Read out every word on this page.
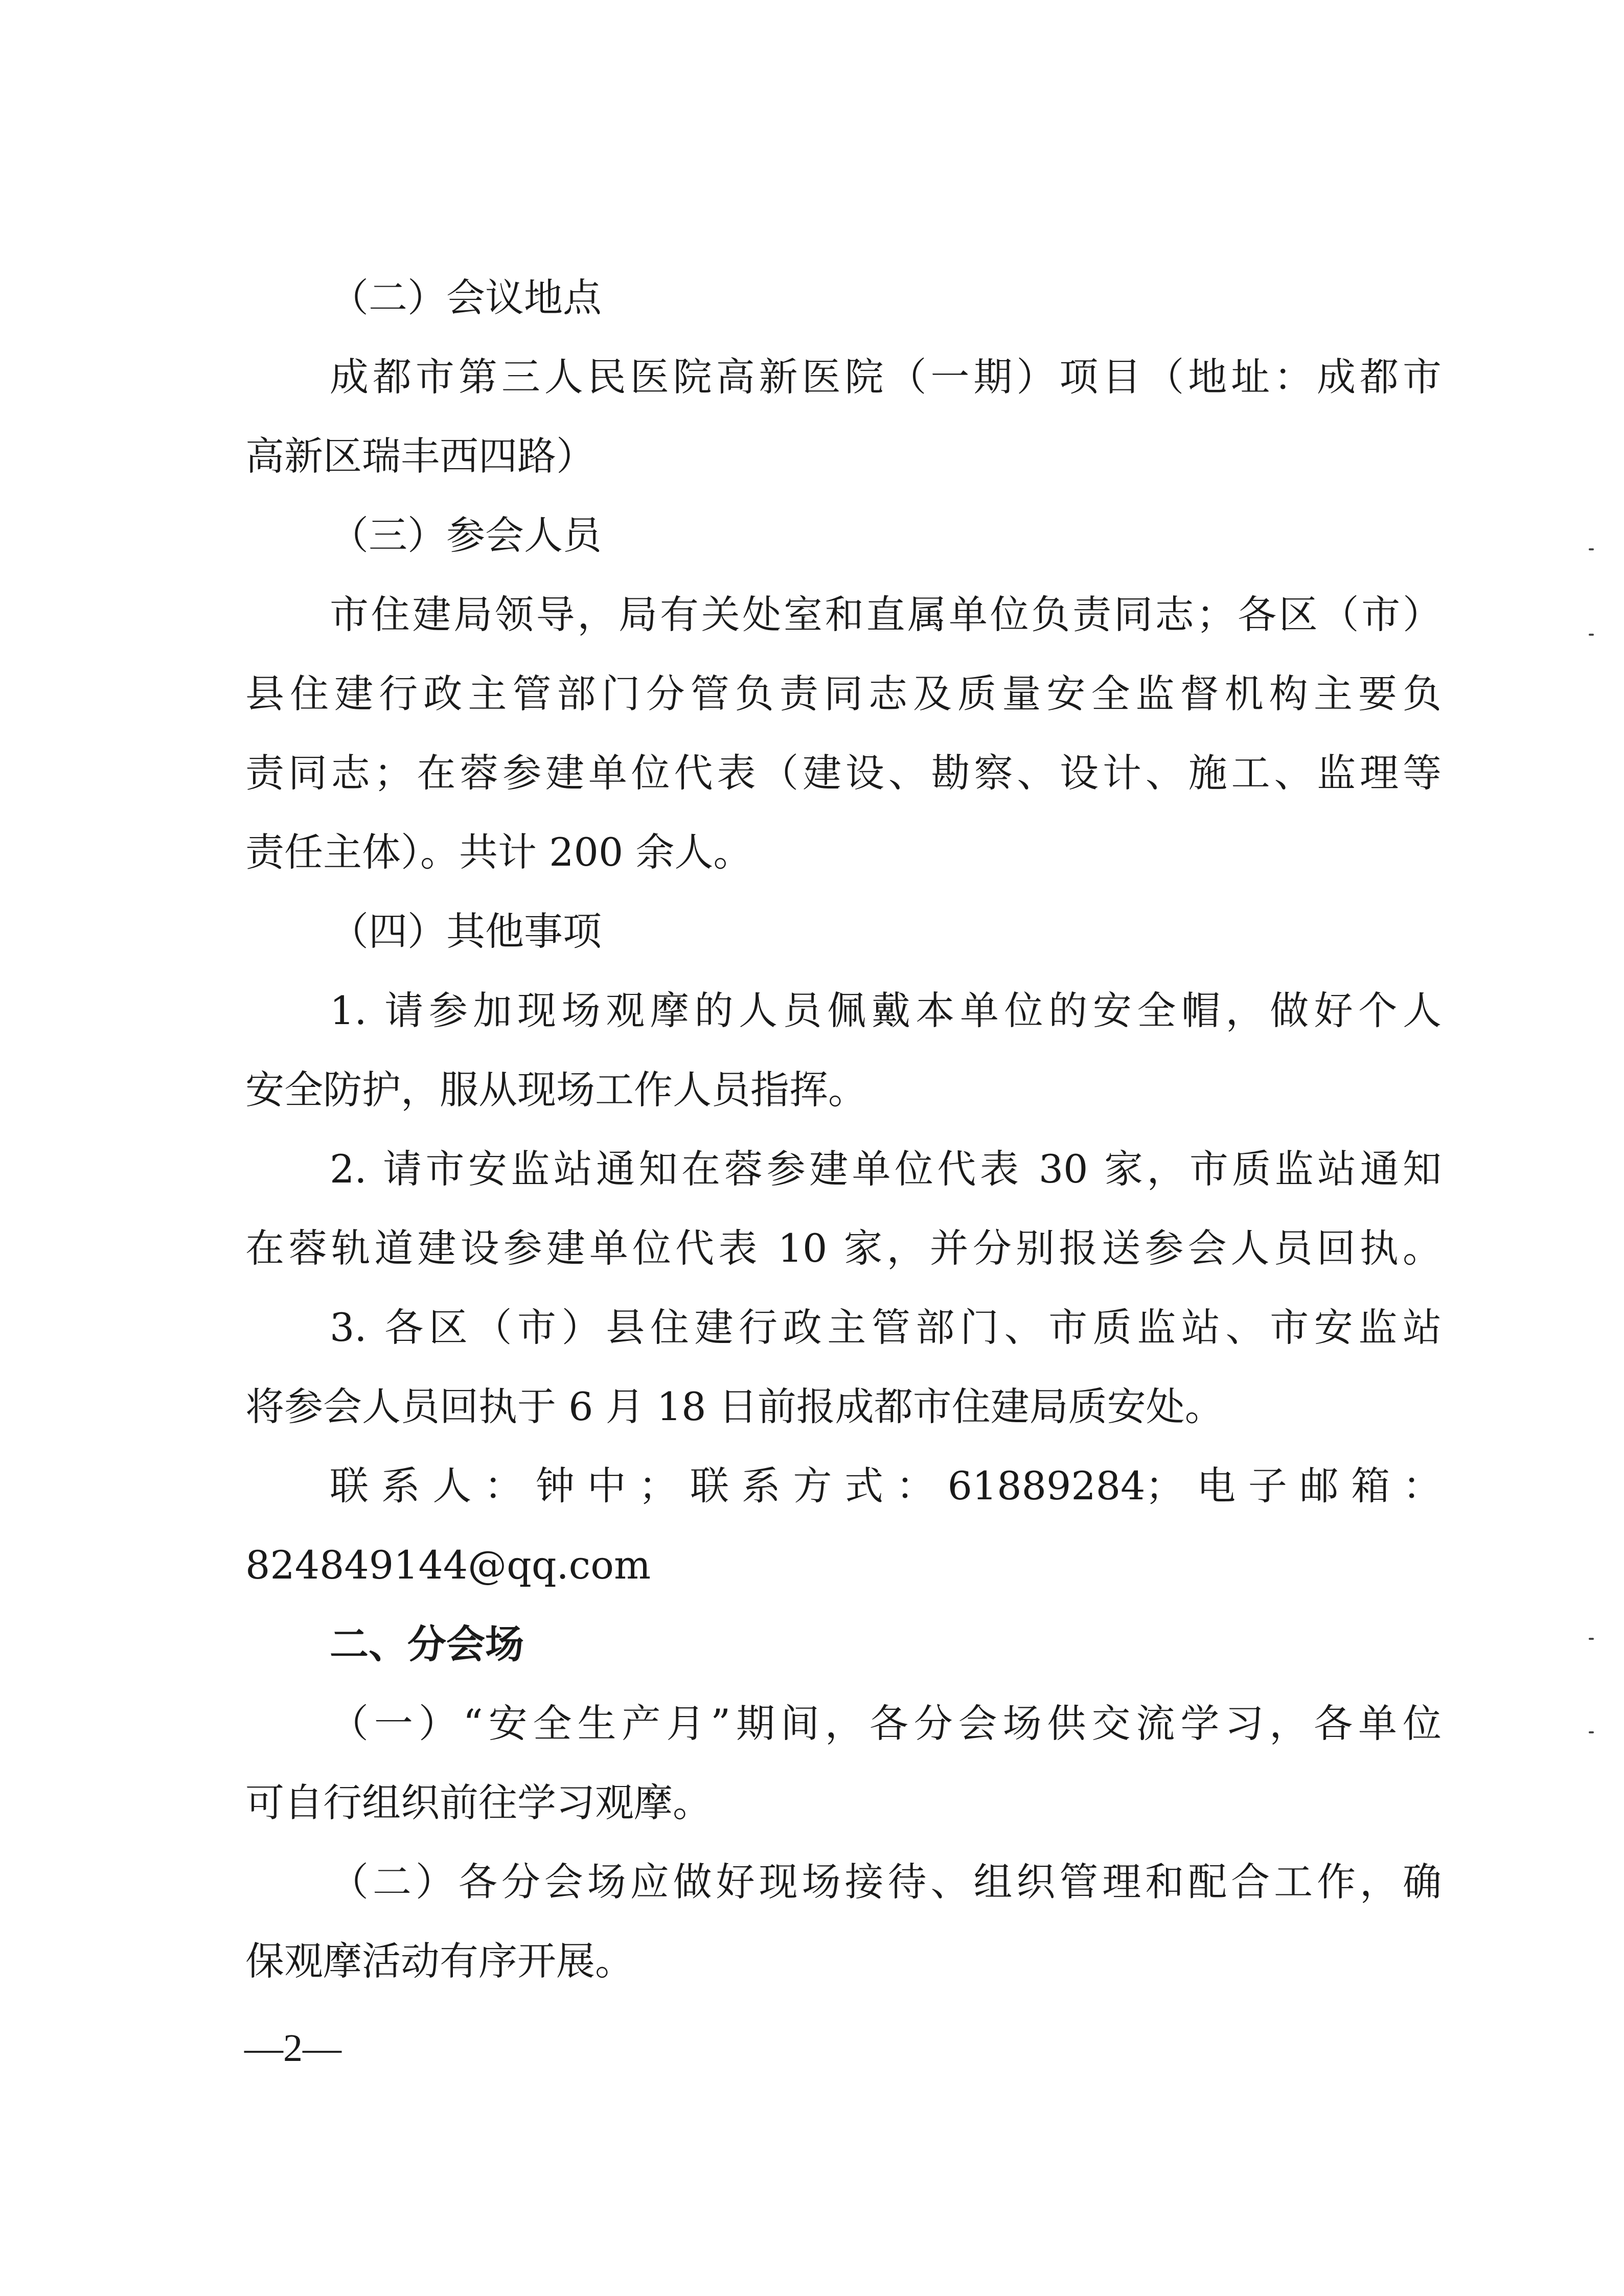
（二）会议地点
成都市第三人民医院高新医院（一期）项目（地址：成都市
高新区瑞丰西四路）
（三）参会人员
市住建局领导，局有关处室和直属单位负责同志；各区（市）
县住建行政主管部门分管负责同志及质量安全监督机构主要负
责同志；在蓉参建单位代表（建设、勘察、设计、施工、监理等
责任主体）。共计 200 余人。
（四）其他事项
1. 请参加现场观摩的人员佩戴本单位的安全帽，做好个人
安全防护，服从现场工作人员指挥。
2. 请市安监站通知在蓉参建单位代表 30 家，市质监站通知
在蓉轨道建设参建单位代表 10 家，并分别报送参会人员回执。
3. 各区（市）县住建行政主管部门、市质监站、市安监站
将参会人员回执于 6 月 18 日前报成都市住建局质安处。
联系人：钟中；联系方式：61889284；电子邮箱：
824849144@qq.com
二、分会场
（一）“安全生产月”期间，各分会场供交流学习，各单位
可自行组织前往学习观摩。
（二）各分会场应做好现场接待、组织管理和配合工作，确
保观摩活动有序开展。
—2—
